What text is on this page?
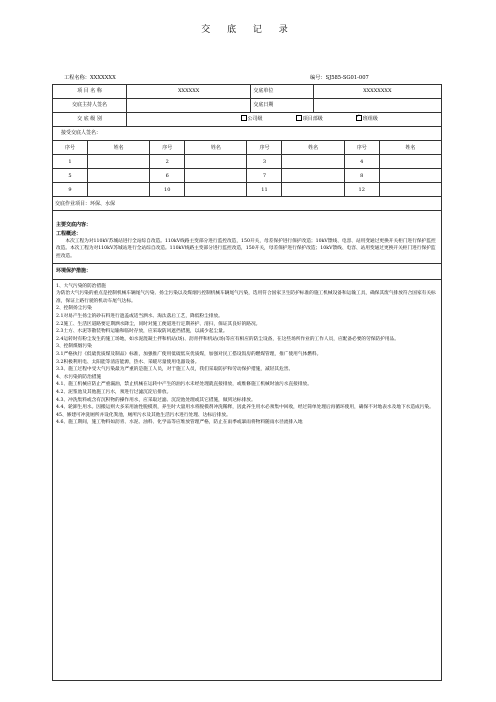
交 底 记 录
工程名称：XXXXXXX	编号：SJ585-SG01-007
项 目 名 称	XXXXXX	交底单位	XXXXXXXX
交底主持人签名		交底日期	
交 底 级 别	公司级 项目部级 ✓ 班组级
接受交底人签名：			
序号	姓名	序号	姓名	序号	姓名	序号	姓名
1		2		3		4	
5		6		7		8	
9		10		11		12	
交底作业项目：环保、水保							

主要交底内容：

工程概述：

本次工程为对110kV苏城站进行全站综自改造。110kV线路主变部分进行监控改造，150开关，母差保护进行保护改造；10kV馈线、电容、站用变通过更换开关柜门进行保护监控改造。本次工程为对110kV苏城站进行全站综自改造。110kV线路主变部分进行监控改造，150开关，母差保护进行保护改造；10kV馈线、电容、站用变通过更换开关柜门进行保护监控改造。

环境保护措施：

1、大气污染的防治措施

为防治大气污染的重点是控制机械车辆尾气污染、扬尘污染以及煤烟污控制机械车辆尾气污染，选用符合国家卫生防护标准的施工机械设备和运输工具，确保其废气排放符合国家有关标准，保证上路行驶的机动车尾气达标。

2、控制扬尘污染

2.1对易产生扬尘的砂石料进行遮盖或适当洒水、淘汰落后工艺，降低粉尘排放。

2.2施工、生活区道路要定期洒水降尘，同时对施工便道进行定期养护、清扫，保证其良好的路况。

2.3土方、水泥等散装物料运输和临时存放，应采取防风遮挡措施，以减少起尘量。

2.4运转时有粉尘发生的施工场地，如水泥混凝土拌和机站(场)、沥青拌和机站(场)等应有相应的防尘设备，在这些场所作业的工作人员，应配备必要的劳保防护用品。

3、控制煤烟污染

3.1严格执行《低硫优质煤及制品》标准，加强推广使用低硫低灰优质煤，加强对民工搭设饭房的燃煤管理，推广使用气体燃料。

3.2积极利用电、太阳能等清洁能源，热水、采暖尽量使用电器设备。

3.3、施工过程中受大气污染最为严重的是施工人员，对于施工人员，我们采取防护和劳动保护措施，减轻其危害。

4、水污染的防治措施

4.1、施工机械应防止严重漏油，禁止机械在运转中产生的油污水未经处理就直接排放，或维修施工机械时油污水直接排放。

4.2、泥浆池及其他施工污水，须进行过滤沉淀后排放。

4.3、冲洗集料或含有沉积物的操作用水，应采取过滤、沉淀池处理或其它措施，做到达标排放。

4.4、轮卸生用水。因搬运则大多采用油性脱模剂，养生时大量用水将脱模剂冲洗稀释，因此养生用水必须集中回收，经过简单处理后再循环使用，确保不对地表水及地下水造成污染。

45、修建可冲洗厕所并设化粪池，厕所污水及其他生活污水进行处理、达标后排放。

4.6、施工期间，施工物料如沥青、水泥、油料、化学品等应堆放管理严格，防止在雨季或暴雨将物料随雨水径流排入地
